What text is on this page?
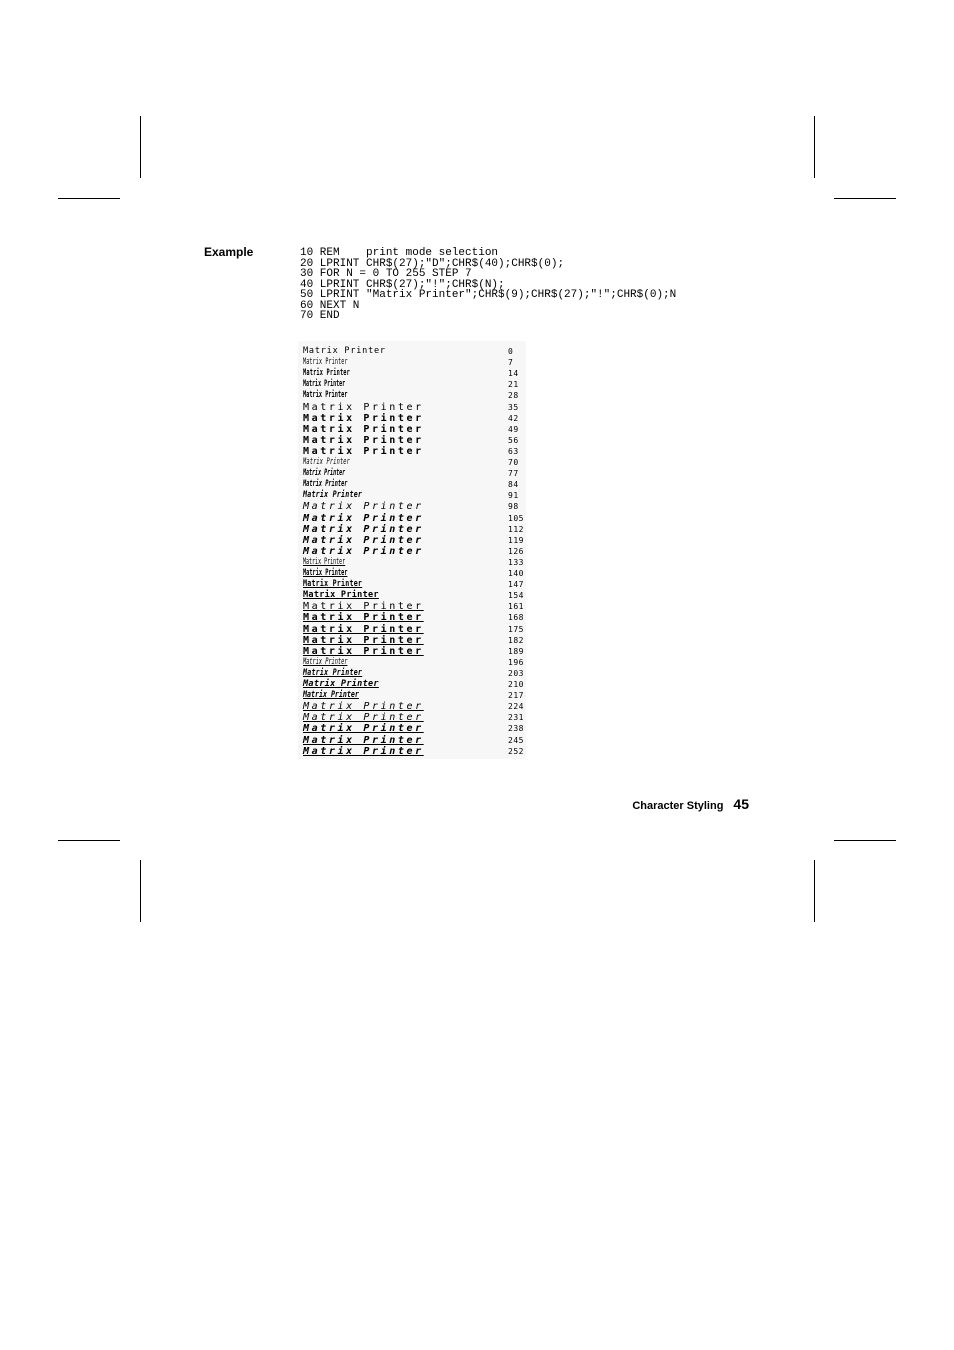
Example	10 REM    print mode selection
20 LPRINT CHR$(27);"D";CHR$(40);CHR$(0);
30 FOR N = 0 TO 255 STEP 7
40 LPRINT CHR$(27);"!";CHR$(N);
50 LPRINT "Matrix Printer";CHR$(9);CHR$(27);"!";CHR$(0);N
60 NEXT N
70 END
Matrix Printer	0
Matrix Printer	7
Matrix Printer	14
Matrix Printer	21
Matrix Printer	28
Matrix Printer	35
Matrix Printer	42
Matrix Printer	49
Matrix Printer	56
Matrix Printer	63
Matrix Printer	70
Matrix Printer	77
Matrix Printer	84
Matrix Printer	91
Matrix Printer	98
Matrix Printer	105
Matrix Printer	112
Matrix Printer	119
Matrix Printer	126
Matrix Printer	133
Matrix Printer	140
Matrix Printer	147
Matrix Printer	154
Matrix Printer	161
Matrix Printer	168
Matrix Printer	175
Matrix Printer	182
Matrix Printer	189
Matrix Printer	196
Matrix Printer	203
Matrix Printer	210
Matrix Printer	217
Matrix Printer	224
Matrix Printer	231
Matrix Printer	238
Matrix Printer	245
Matrix Printer	252
Character Styling 45
